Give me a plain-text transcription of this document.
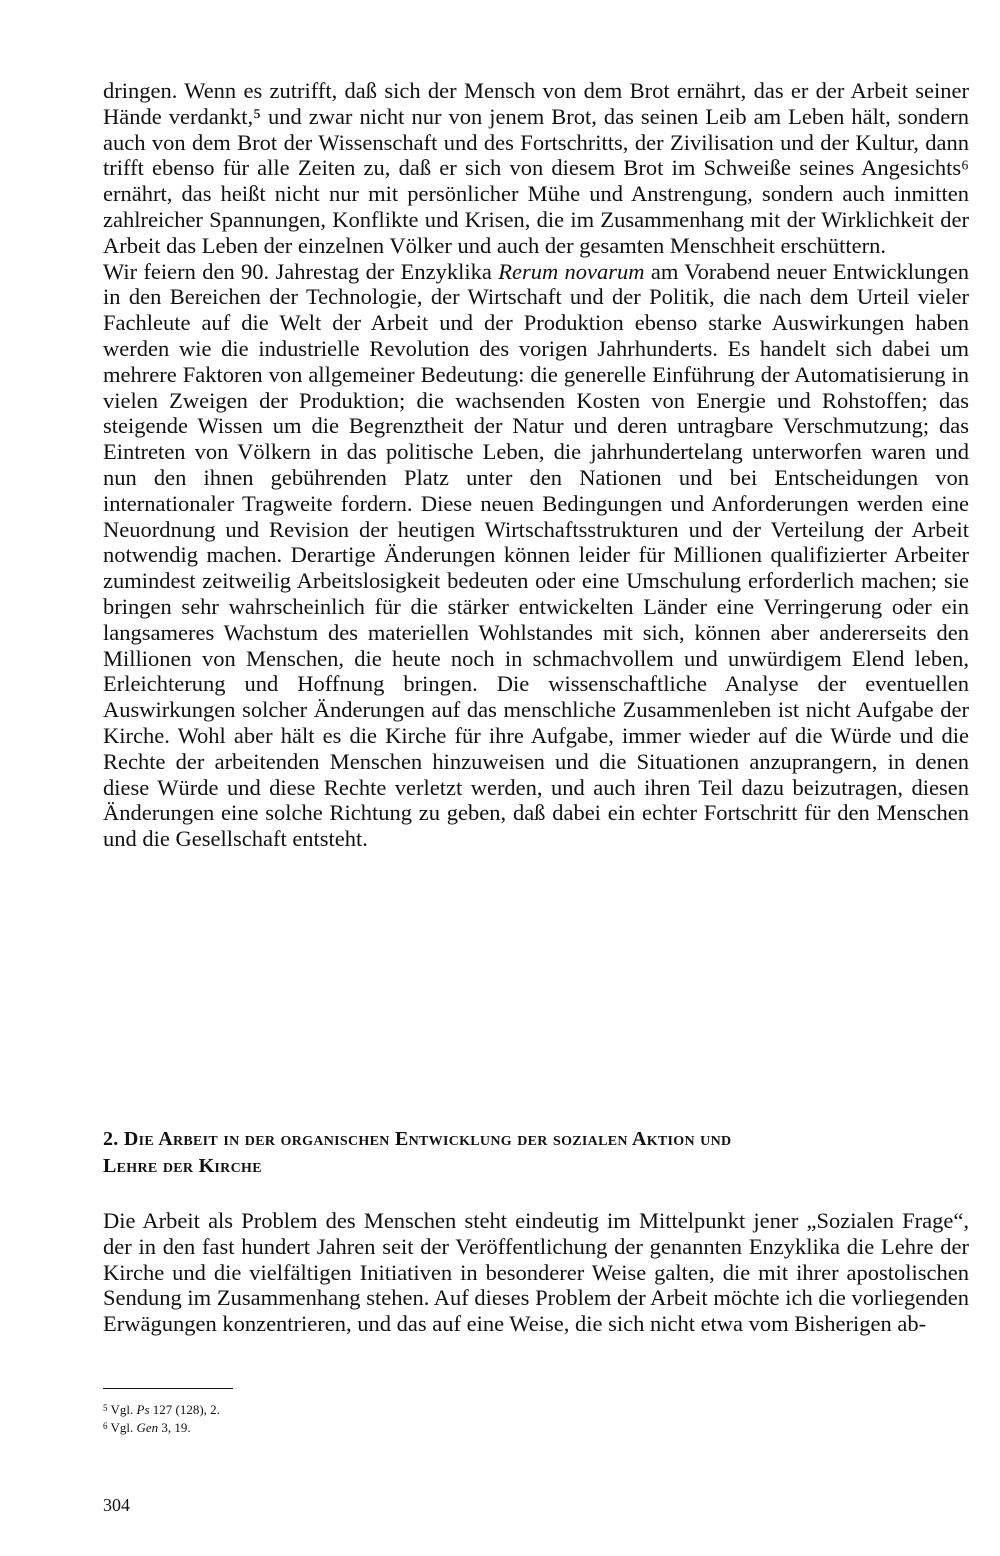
dringen. Wenn es zutrifft, daß sich der Mensch von dem Brot ernährt, das er der Arbeit seiner Hände verdankt,⁵ und zwar nicht nur von jenem Brot, das seinen Leib am Leben hält, sondern auch von dem Brot der Wissenschaft und des Fortschritts, der Zivilisation und der Kultur, dann trifft ebenso für alle Zeiten zu, daß er sich von diesem Brot im Schweiße seines Angesichts⁶ ernährt, das heißt nicht nur mit persönlicher Mühe und Anstrengung, sondern auch inmitten zahlreicher Spannungen, Konflikte und Krisen, die im Zusammenhang mit der Wirklichkeit der Arbeit das Leben der einzelnen Völker und auch der gesamten Menschheit erschüttern.

Wir feiern den 90. Jahrestag der Enzyklika Rerum novarum am Vorabend neuer Entwicklungen in den Bereichen der Technologie, der Wirtschaft und der Politik, die nach dem Urteil vieler Fachleute auf die Welt der Arbeit und der Produktion ebenso starke Auswirkungen haben werden wie die industrielle Revolution des vorigen Jahrhunderts. Es handelt sich dabei um mehrere Faktoren von allgemeiner Bedeutung: die generelle Einführung der Automatisierung in vielen Zweigen der Produktion; die wachsenden Kosten von Energie und Rohstoffen; das steigende Wissen um die Begrenztheit der Natur und deren untragbare Verschmutzung; das Eintreten von Völkern in das politische Leben, die jahrhundertelang unterworfen waren und nun den ihnen gebührenden Platz unter den Nationen und bei Entscheidungen von internationaler Tragweite fordern. Diese neuen Bedingungen und Anforderungen werden eine Neuordnung und Revision der heutigen Wirtschaftsstrukturen und der Verteilung der Arbeit notwendig machen. Derartige Änderungen können leider für Millionen qualifizierter Arbeiter zumindest zeitweilig Arbeitslosigkeit bedeuten oder eine Umschulung erforderlich machen; sie bringen sehr wahrscheinlich für die stärker entwickelten Länder eine Verringerung oder ein langsameres Wachstum des materiellen Wohlstandes mit sich, können aber andererseits den Millionen von Menschen, die heute noch in schmachvollem und unwürdigem Elend leben, Erleichterung und Hoffnung bringen. Die wissenschaftliche Analyse der eventuellen Auswirkungen solcher Änderungen auf das menschliche Zusammenleben ist nicht Aufgabe der Kirche. Wohl aber hält es die Kirche für ihre Aufgabe, immer wieder auf die Würde und die Rechte der arbeitenden Menschen hinzuweisen und die Situationen anzuprangern, in denen diese Würde und diese Rechte verletzt werden, und auch ihren Teil dazu beizutragen, diesen Änderungen eine solche Richtung zu geben, daß dabei ein echter Fortschritt für den Menschen und die Gesellschaft entsteht.

2. Die Arbeit in der organischen Entwicklung der sozialen Aktion und
Lehre der Kirche

Die Arbeit als Problem des Menschen steht eindeutig im Mittelpunkt jener „Sozialen Frage“, der in den fast hundert Jahren seit der Veröffentlichung der genannten Enzyklika die Lehre der Kirche und die vielfältigen Initiativen in besonderer Weise galten, die mit ihrer apostolischen Sendung im Zusammenhang stehen. Auf dieses Problem der Arbeit möchte ich die vorliegenden Erwägungen konzentrieren, und das auf eine Weise, die sich nicht etwa vom Bisherigen ab-

$^5$ Vgl. Ps 127 (128), 2.
$^6$ Vgl. Gen 3, 19.
304
